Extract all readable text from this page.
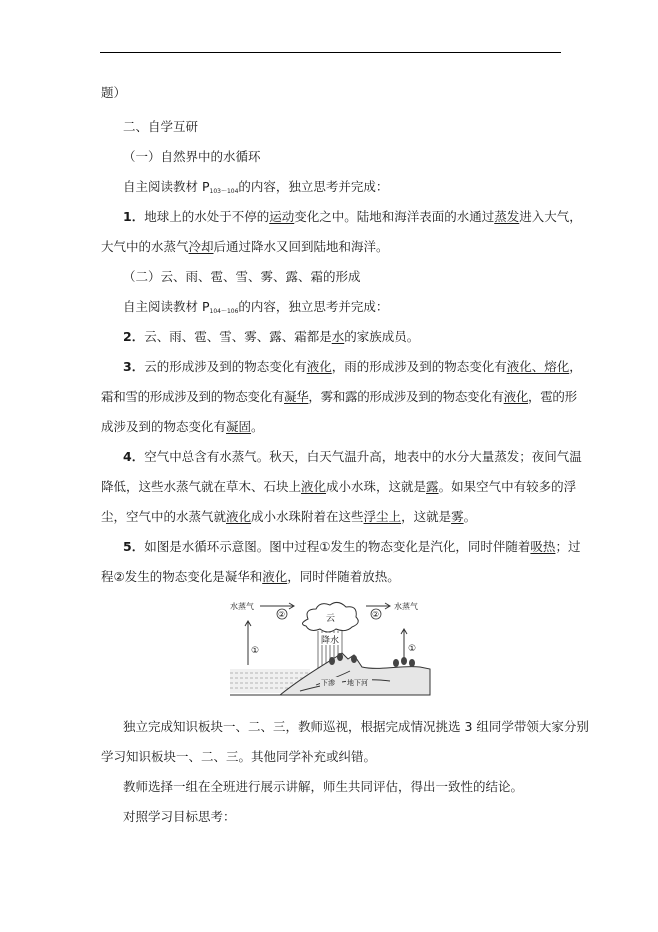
题）
二、自学互研
（一）自然界中的水循环
自主阅读教材 $P_{103\sim 104}$的内容，独立思考并完成：
1．地球上的水处于不停的运动变化之中。陆地和海洋表面的水通过蒸发进入大气，
大气中的水蒸气冷却后通过降水又回到陆地和海洋。
（二）云、雨、雹、雪、雾、露、霜的形成
自主阅读教材 $P_{104\sim 106}$的内容，独立思考并完成：
2．云、雨、雹、雪、雾、露、霜都是水的家族成员。
3．云的形成涉及到的物态变化有液化，雨的形成涉及到的物态变化有液化、熔化，
霜和雪的形成涉及到的物态变化有凝华，雾和露的形成涉及到的物态变化有液化，雹的形
成涉及到的物态变化有凝固。
4．空气中总含有水蒸气。秋天，白天气温升高，地表中的水分大量蒸发；夜间气温
降低，这些水蒸气就在草木、石块上液化成小水珠，这就是露。如果空气中有较多的浮
尘，空气中的水蒸气就液化成小水珠附着在这些浮尘上，这就是雾。
5．如图是水循环示意图。图中过程①发生的物态变化是汽化，同时伴随着吸热；过
程②发生的物态变化是凝华和液化，同时伴随着放热。
云
降水
水蒸气
②
①
水蒸气
②
①
下渗 地下河
独立完成知识板块一、二、三，教师巡视，根据完成情况挑选 3 组同学带领大家分别
学习知识板块一、二、三。其他同学补充或纠错。
教师选择一组在全班进行展示讲解，师生共同评估，得出一致性的结论。
对照学习目标思考：
